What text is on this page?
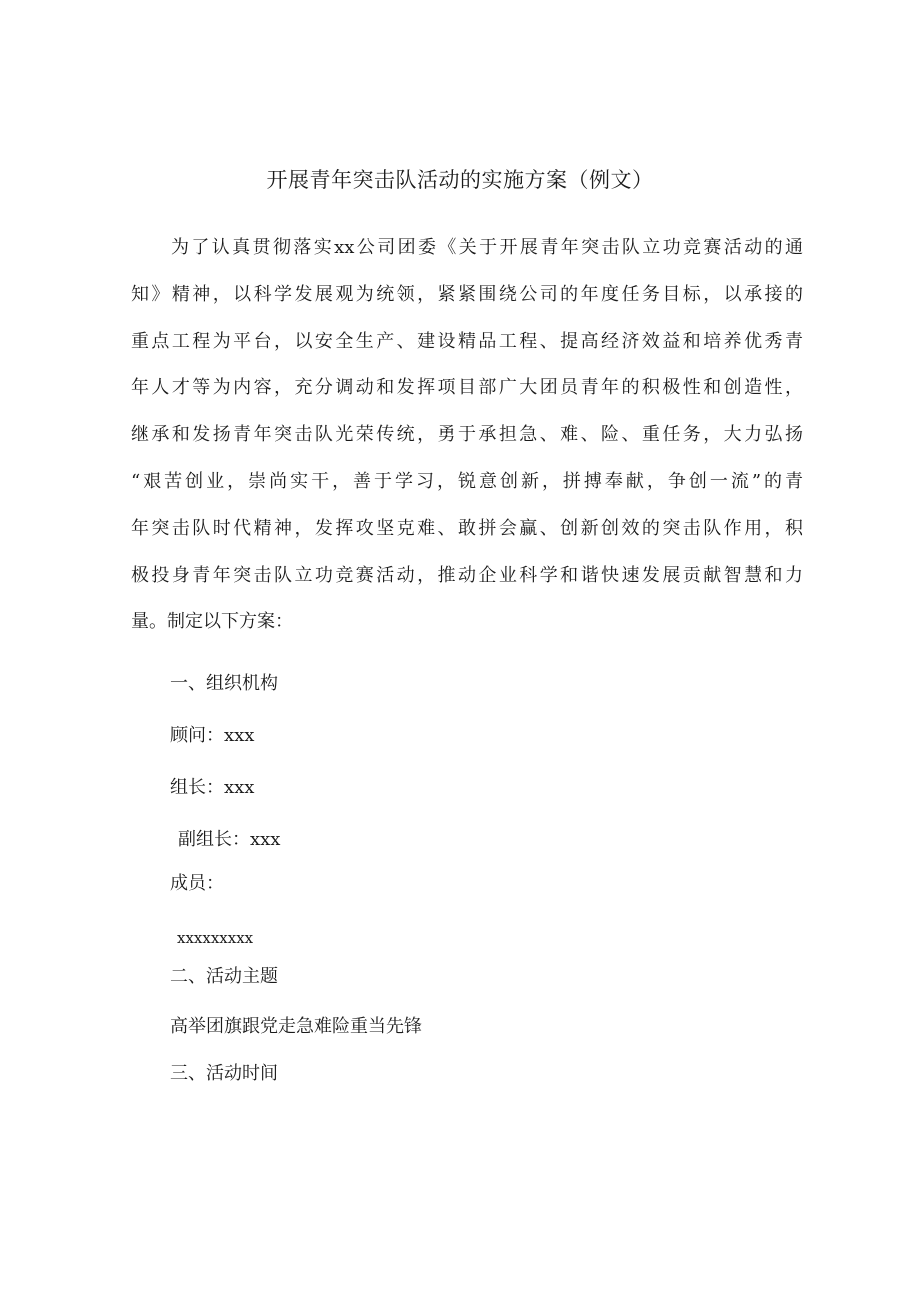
开展青年突击队活动的实施方案（例文）
为了认真贯彻落实xx公司团委《关于开展青年突击队立功竞赛活动的通
知》精神，以科学发展观为统领，紧紧围绕公司的年度任务目标，以承接的
重点工程为平台，以安全生产、建设精品工程、提高经济效益和培养优秀青
年人才等为内容，充分调动和发挥项目部广大团员青年的积极性和创造性，
继承和发扬青年突击队光荣传统，勇于承担急、难、险、重任务，大力弘扬
“艰苦创业，崇尚实干，善于学习，锐意创新，拼搏奉献，争创一流”的青
年突击队时代精神，发挥攻坚克难、敢拼会赢、创新创效的突击队作用，积
极投身青年突击队立功竞赛活动，推动企业科学和谐快速发展贡献智慧和力
量。制定以下方案：

一、组织机构

顾问：xxx

组长：xxx

副组长：xxx

成员：

xxxxxxxxx

二、活动主题

高举团旗跟党走急难险重当先锋

三、活动时间
